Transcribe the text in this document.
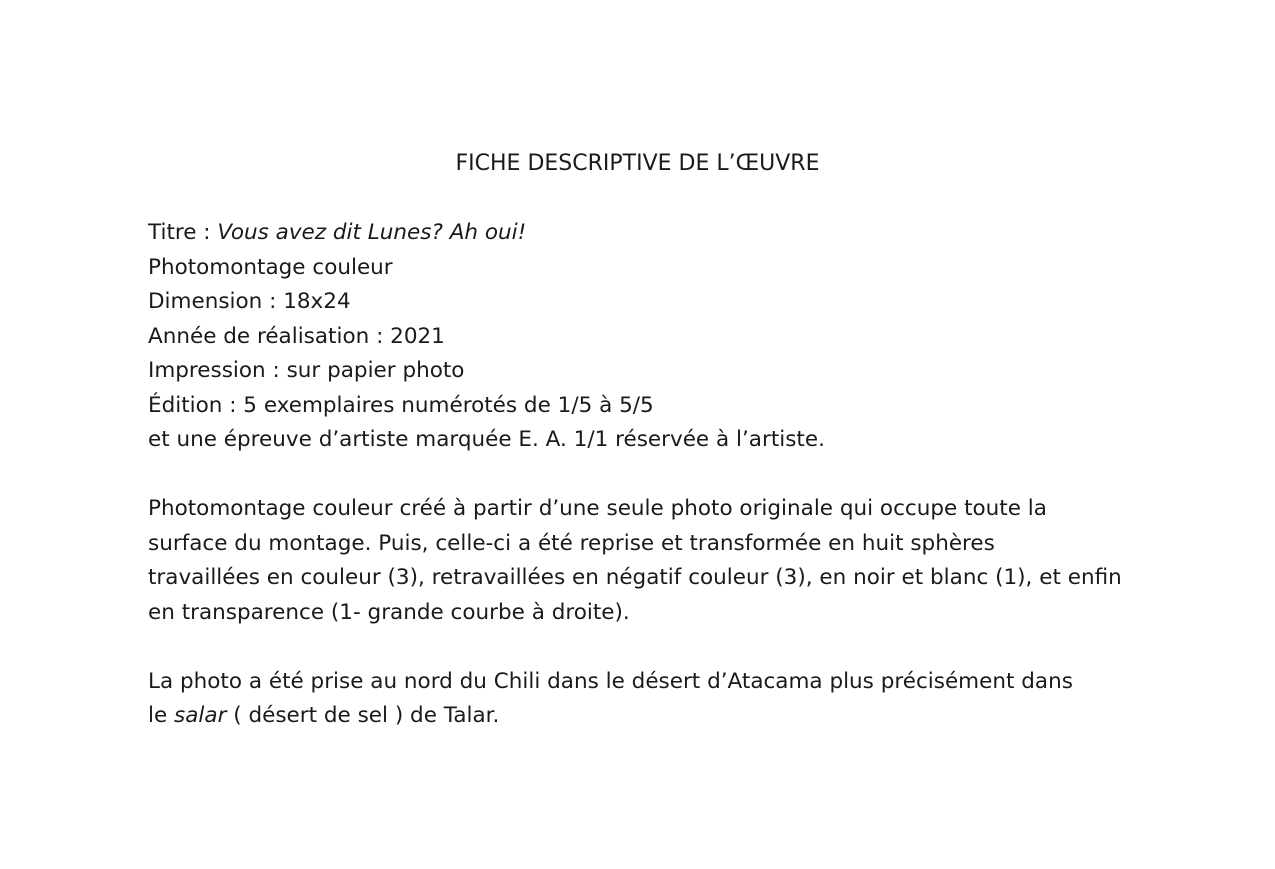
FICHE DESCRIPTIVE DE L’ŒUVRE
Titre : Vous avez dit Lunes? Ah oui!
Photomontage couleur
Dimension : 18x24
Année de réalisation : 2021
Impression : sur papier photo
Édition : 5 exemplaires numérotés de 1/5 à 5/5
et une épreuve d’artiste marquée E. A. 1/1 réservée à l’artiste.
Photomontage couleur créé à partir d’une seule photo originale qui occupe toute la
surface du montage. Puis, celle-ci a été reprise et transformée en huit sphères
travaillées en couleur (3), retravaillées en négatif couleur (3), en noir et blanc (1), et enfin
en transparence (1- grande courbe à droite).
La photo a été prise au nord du Chili dans le désert d’Atacama plus précisément dans
le salar ( désert de sel ) de Talar.
